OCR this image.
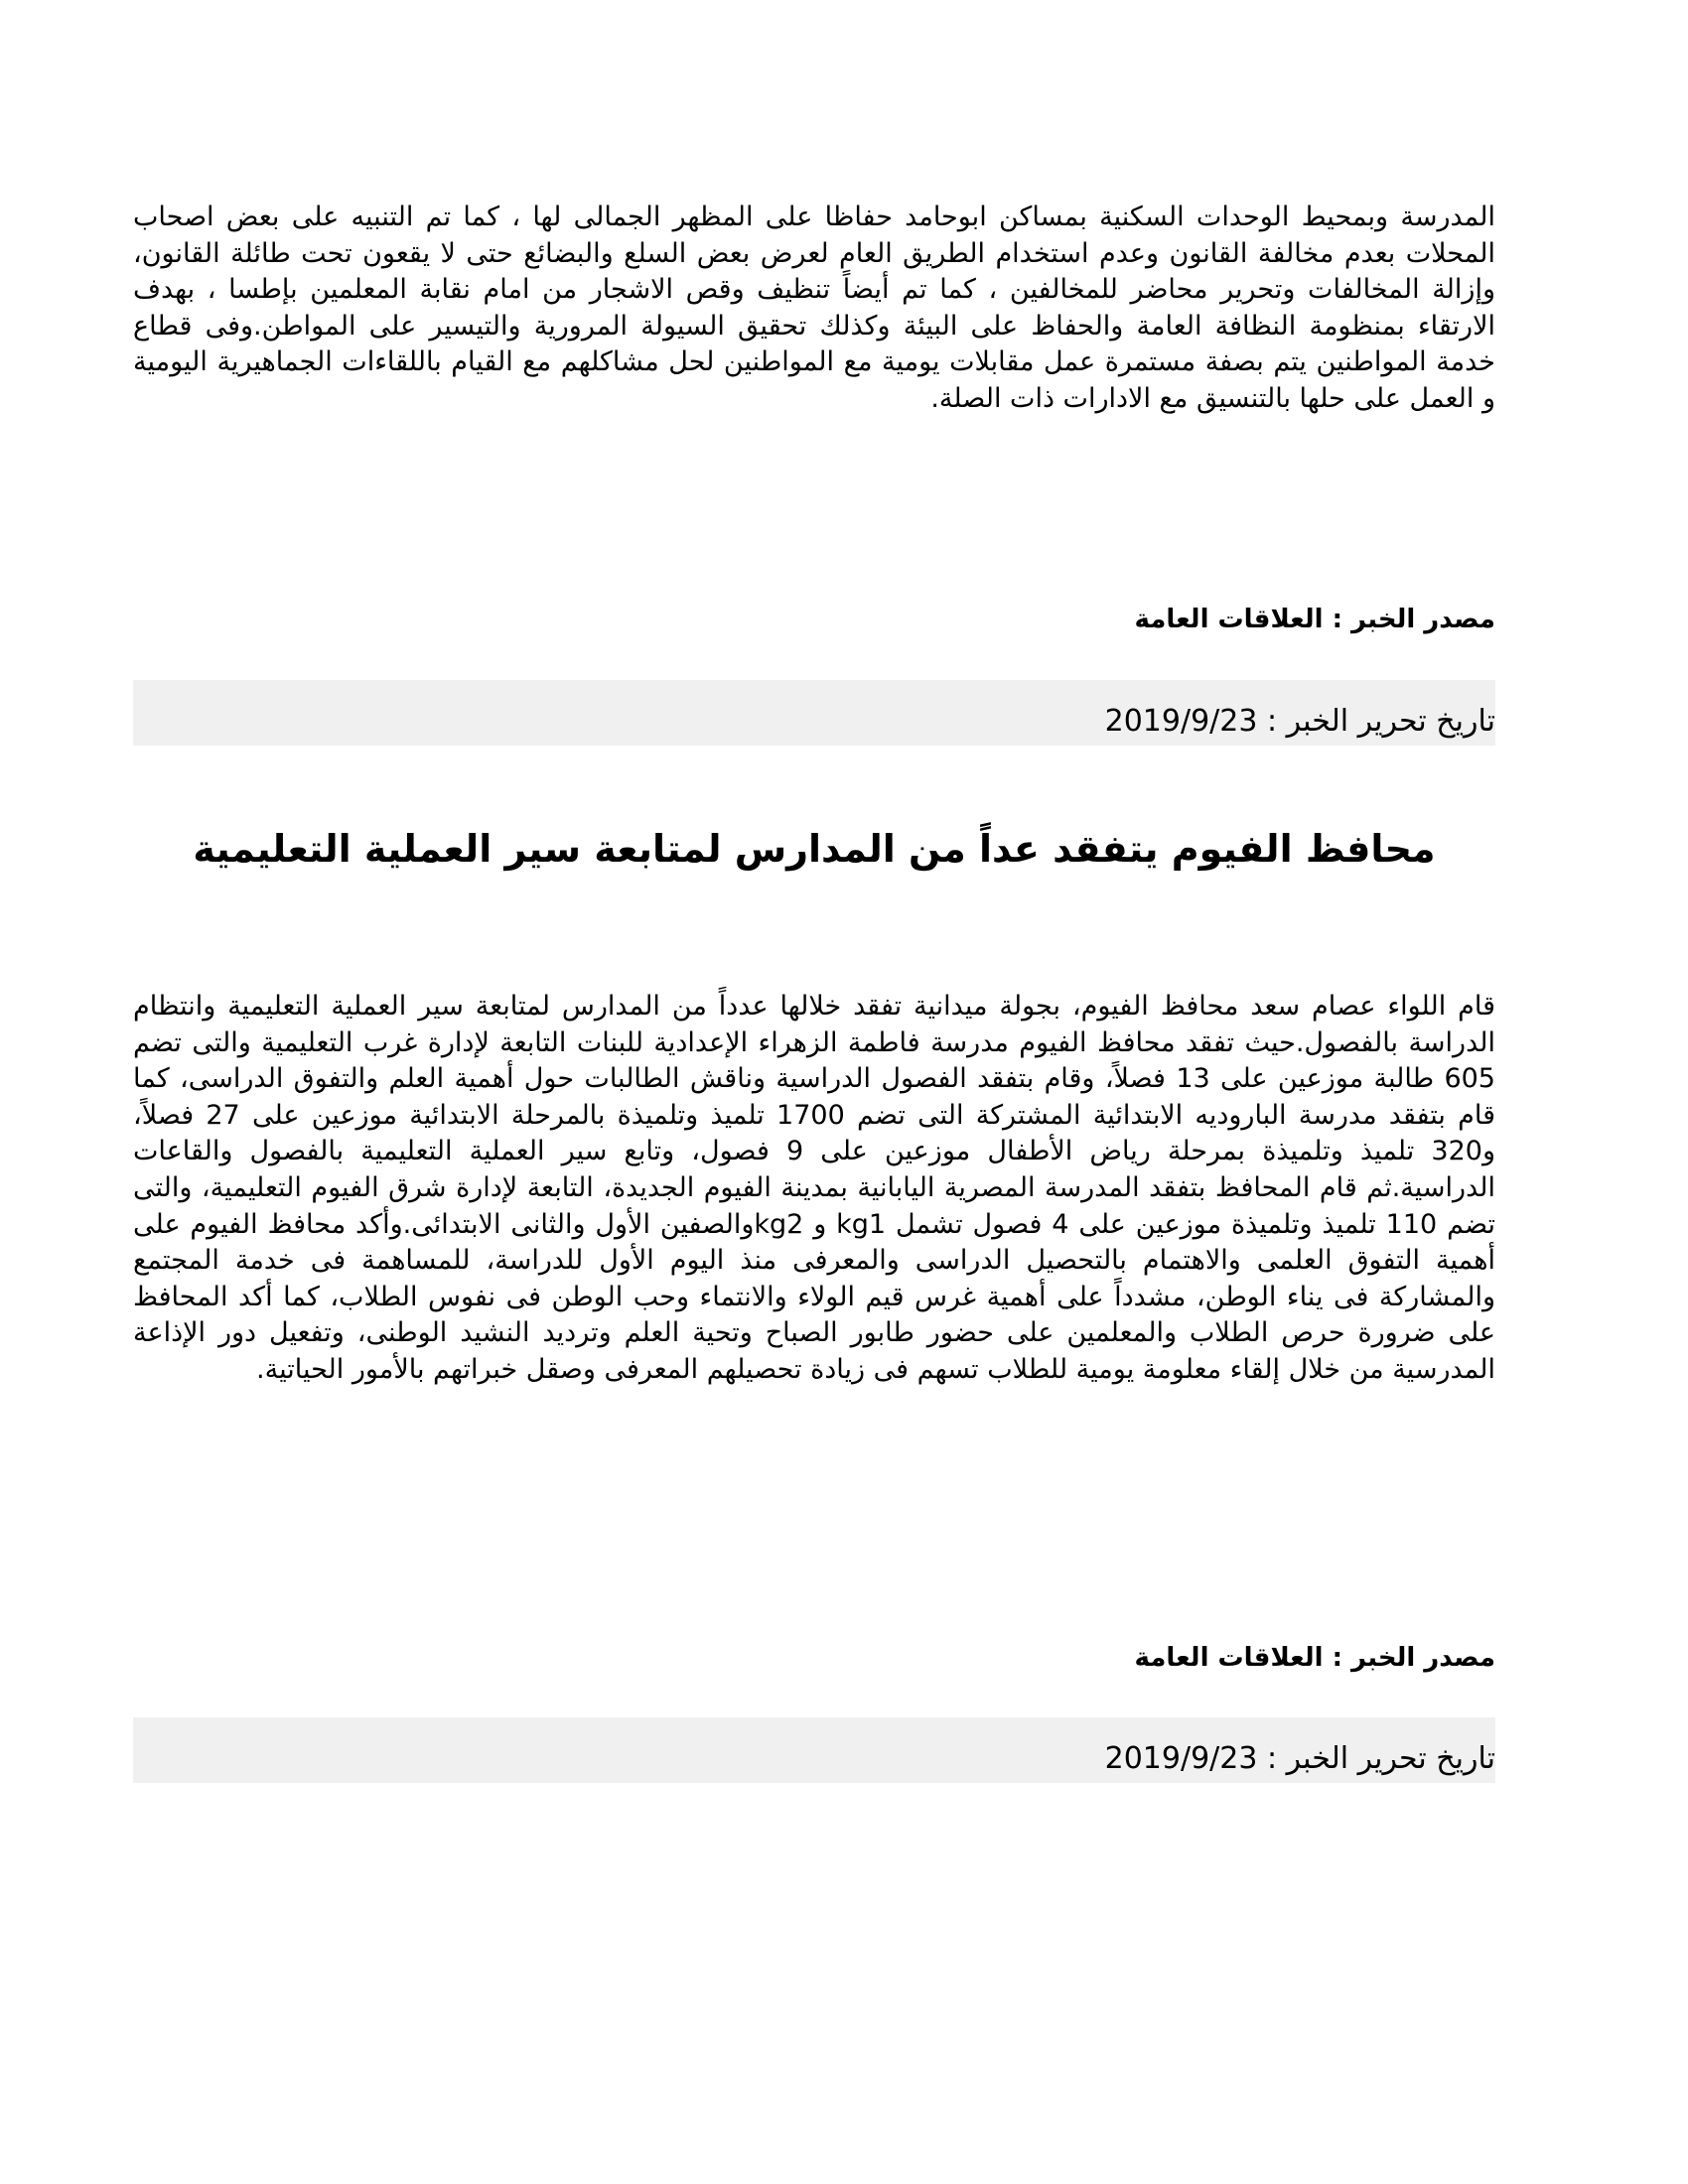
المدرسة وبمحيط الوحدات السكنية بمساكن ابوحامد حفاظا على المظهر الجمالى لها ، كما تم التنبيه على بعض اصحاب المحلات بعدم مخالفة القانون وعدم استخدام الطريق العام لعرض بعض السلع والبضائع حتى لا يقعون تحت طائلة القانون، وإزالة المخالفات وتحرير محاضر للمخالفين ، كما تم أيضاً تنظيف وقص الاشجار من امام نقابة المعلمين بإطسا ، بهدف الارتقاء بمنظومة النظافة العامة والحفاظ على البيئة وكذلك تحقيق السيولة المرورية والتيسير على المواطن.وفى قطاع خدمة المواطنين يتم بصفة مستمرة عمل مقابلات يومية مع المواطنين لحل مشاكلهم مع القيام باللقاءات الجماهيرية اليومية و العمل على حلها بالتنسيق مع الادارات ذات الصلة.

مصدر الخبر : العلاقات العامة

تاريخ تحرير الخبر : 2019/9/23
محافظ الفيوم يتفقد عداً من المدارس لمتابعة سير العملية التعليمية

قام اللواء عصام سعد محافظ الفيوم، بجولة ميدانية تفقد خلالها عدداً من المدارس لمتابعة سير العملية التعليمية وانتظام الدراسة بالفصول.حيث تفقد محافظ الفيوم مدرسة فاطمة الزهراء الإعدادية للبنات التابعة لإدارة غرب التعليمية والتى تضم 605 طالبة موزعين على 13 فصلاً، وقام بتفقد الفصول الدراسية وناقش الطالبات حول أهمية العلم والتفوق الدراسى، كما قام بتفقد مدرسة الباروديه الابتدائية المشتركة التى تضم 1700 تلميذ وتلميذة بالمرحلة الابتدائية موزعين على 27 فصلاً، و320 تلميذ وتلميذة بمرحلة رياض الأطفال موزعين على 9 فصول، وتابع سير العملية التعليمية بالفصول والقاعات الدراسية.ثم قام المحافظ بتفقد المدرسة المصرية اليابانية بمدينة الفيوم الجديدة، التابعة لإدارة شرق الفيوم التعليمية، والتى تضم 110 تلميذ وتلميذة موزعين على 4 فصول تشمل kg1 و kg2والصفين الأول والثانى الابتدائى.وأكد محافظ الفيوم على أهمية التفوق العلمى والاهتمام بالتحصيل الدراسى والمعرفى منذ اليوم الأول للدراسة، للمساهمة فى خدمة المجتمع والمشاركة فى يناء الوطن، مشدداً على أهمية غرس قيم الولاء والانتماء وحب الوطن فى نفوس الطلاب، كما أكد المحافظ على ضرورة حرص الطلاب والمعلمين على حضور طابور الصباح وتحية العلم وترديد النشيد الوطنى، وتفعيل دور الإذاعة المدرسية من خلال إلقاء معلومة يومية للطلاب تسهم فى زيادة تحصيلهم المعرفى وصقل خبراتهم بالأمور الحياتية.

مصدر الخبر : العلاقات العامة

تاريخ تحرير الخبر : 2019/9/23
